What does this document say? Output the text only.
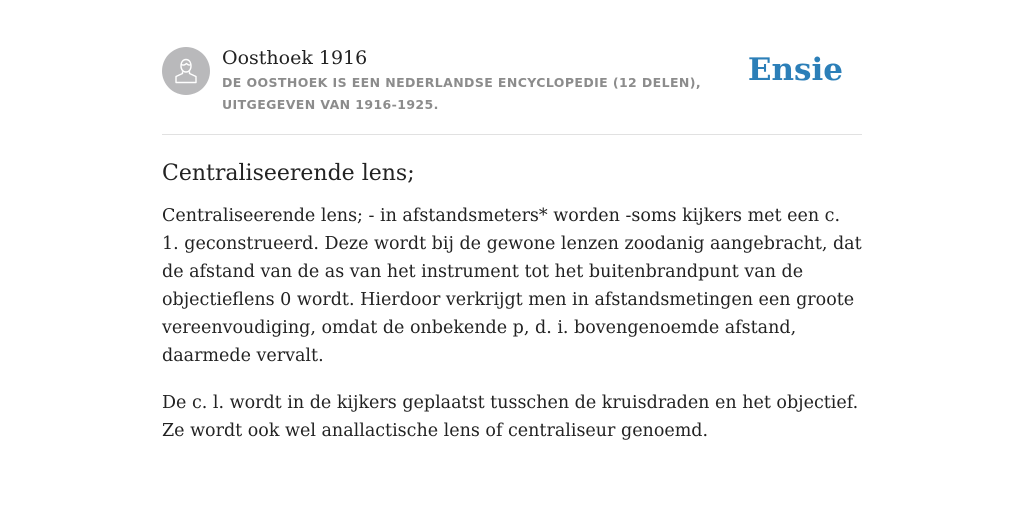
Oosthoek 1916
DE OOSTHOEK IS EEN NEDERLANDSE ENCYCLOPEDIE (12 DELEN), UITGEGEVEN VAN 1916-1925.
Ensie
Centraliseerende lens;

Centraliseerende lens; - in afstandsmeters* worden -soms kijkers met een c. 1. geconstrueerd. Deze wordt bij de gewone lenzen zoodanig aangebracht, dat de afstand van de as van het instrument tot het buitenbrandpunt van de objectieflens 0 wordt. Hierdoor verkrijgt men in afstandsmetingen een groote vereenvoudiging, omdat de onbekende p, d. i. bovengenoemde afstand, daarmede vervalt.

De c. l. wordt in de kijkers geplaatst tusschen de kruisdraden en het objectief. Ze wordt ook wel anallactische lens of centraliseur genoemd.
